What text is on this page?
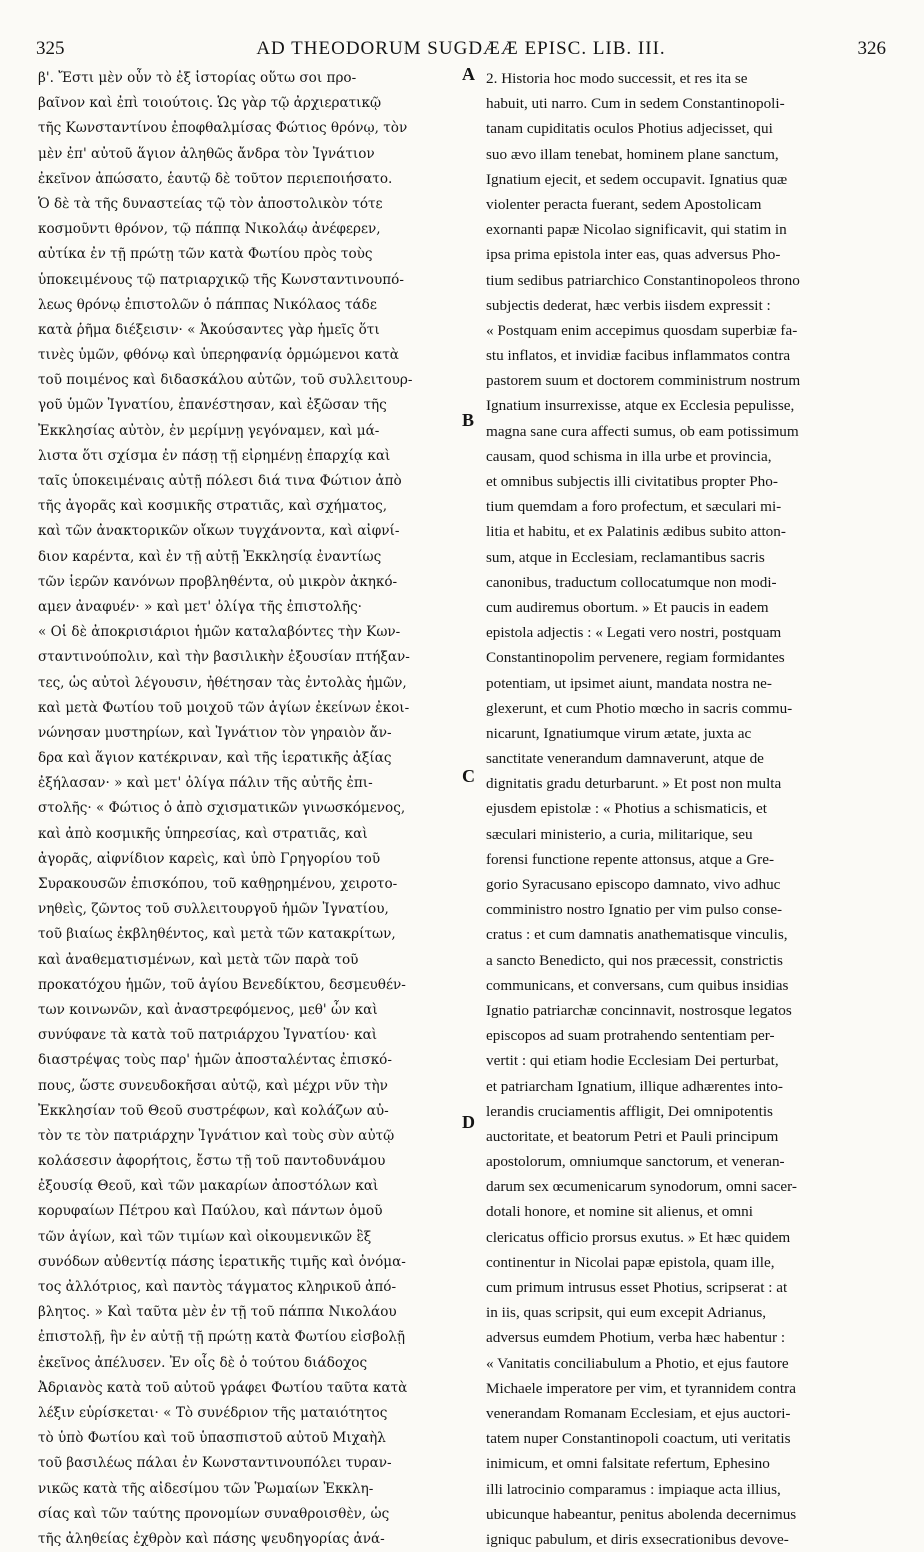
325	AD THEODORUM SUGDÆÆ EPISC. LIB. III.	326
β'. Ἔστι μὲν οὖν τὸ ἐξ ἱστορίας οὕτω σοι προ-
βαῖνον καὶ ἐπὶ τοιούτοις. Ὡς γὰρ τῷ ἀρχιερατικῷ
τῆς Κωνσταντίνου ἐποφθαλμίσας Φώτιος θρόνῳ, τὸν
μὲν ἐπ' αὐτοῦ ἅγιον ἀληθῶς ἄνδρα τὸν Ἰγνάτιον
ἐκεῖνον ἀπώσατο, ἑαυτῷ δὲ τοῦτον περιεποιήσατο.
Ὁ δὲ τὰ τῆς δυναστείας τῷ τὸν ἀποστολικὸν τότε
κοσμοῦντι θρόνον, τῷ πάππᾳ Νικολάῳ ἀνέφερεν,
αὐτίκα ἐν τῇ πρώτῃ τῶν κατὰ Φωτίου πρὸς τοὺς
ὑποκειμένους τῷ πατριαρχικῷ τῆς Κωνσταντινουπό-
λεως θρόνῳ ἐπιστολῶν ὁ πάππας Νικόλαος τάδε
κατὰ ῥῆμα διέξεισιν· « Ἀκούσαντες γὰρ ἡμεῖς ὅτι
τινὲς ὑμῶν, φθόνῳ καὶ ὑπερηφανίᾳ ὁρμώμενοι κατὰ
τοῦ ποιμένος καὶ διδασκάλου αὐτῶν, τοῦ συλλειτουρ-
γοῦ ὑμῶν Ἰγνατίου, ἐπανέστησαν, καὶ ἐξῶσαν τῆς
Ἐκκλησίας αὐτὸν, ἐν μερίμνῃ γεγόναμεν, καὶ μά-
λιστα ὅτι σχίσμα ἐν πάσῃ τῇ εἰρημένῃ ἐπαρχίᾳ καὶ
ταῖς ὑποκειμέναις αὐτῇ πόλεσι διά τινα Φώτιον ἀπὸ
τῆς ἀγορᾶς καὶ κοσμικῆς στρατιᾶς, καὶ σχήματος,
καὶ τῶν ἀνακτορικῶν οἴκων τυγχάνοντα, καὶ αἰφνί-
διον καρέντα, καὶ ἐν τῇ αὐτῇ Ἐκκλησίᾳ ἐναντίως
τῶν ἱερῶν κανόνων προβληθέντα, οὐ μικρὸν ἀκηκό-
αμεν ἀναφυέν· » καὶ μετ' ὀλίγα τῆς ἐπιστολῆς·
« Οἱ δὲ ἀποκρισιάριοι ἡμῶν καταλαβόντες τὴν Κων-
σταντινούπολιν, καὶ τὴν βασιλικὴν ἐξουσίαν πτήξαν-
τες, ὡς αὐτοὶ λέγουσιν, ἠθέτησαν τὰς ἐντολὰς ἡμῶν,
καὶ μετὰ Φωτίου τοῦ μοιχοῦ τῶν ἁγίων ἐκείνων ἐκοι-
νώνησαν μυστηρίων, καὶ Ἰγνάτιον τὸν γηραιὸν ἄν-
δρα καὶ ἅγιον κατέκριναν, καὶ τῆς ἱερατικῆς ἀξίας
ἐξήλασαν· » καὶ μετ' ὀλίγα πάλιν τῆς αὐτῆς ἐπι-
στολῆς· « Φώτιος ὁ ἀπὸ σχισματικῶν γινωσκόμενος,
καὶ ἀπὸ κοσμικῆς ὑπηρεσίας, καὶ στρατιᾶς, καὶ
ἀγορᾶς, αἰφνίδιον καρεὶς, καὶ ὑπὸ Γρηγορίου τοῦ
Συρακουσῶν ἐπισκόπου, τοῦ καθῃρημένου, χειροτο-
νηθεὶς, ζῶντος τοῦ συλλειτουργοῦ ἡμῶν Ἰγνατίου,
τοῦ βιαίως ἐκβληθέντος, καὶ μετὰ τῶν κατακρίτων,
καὶ ἀναθεματισμένων, καὶ μετὰ τῶν παρὰ τοῦ
προκατόχου ἡμῶν, τοῦ ἁγίου Βενεδίκτου, δεσμευθέν-
των κοινωνῶν, καὶ ἀναστρεφόμενος, μεθ' ὧν καὶ
συνύφανε τὰ κατὰ τοῦ πατριάρχου Ἰγνατίου· καὶ
διαστρέψας τοὺς παρ' ἡμῶν ἀποσταλέντας ἐπισκό-
πους, ὥστε συνευδοκῆσαι αὐτῷ, καὶ μέχρι νῦν τὴν
Ἐκκλησίαν τοῦ Θεοῦ συστρέφων, καὶ κολάζων αὐ-
τὸν τε τὸν πατριάρχην Ἰγνάτιον καὶ τοὺς σὺν αὐτῷ
κολάσεσιν ἀφορήτοις, ἔστω τῇ τοῦ παντοδυνάμου
ἐξουσίᾳ Θεοῦ, καὶ τῶν μακαρίων ἀποστόλων καὶ
κορυφαίων Πέτρου καὶ Παύλου, καὶ πάντων ὁμοῦ
τῶν ἁγίων, καὶ τῶν τιμίων καὶ οἰκουμενικῶν ἓξ
συνόδων αὐθεντίᾳ πάσης ἱερατικῆς τιμῆς καὶ ὀνόμα-
τος ἀλλότριος, καὶ παντὸς τάγματος κληρικοῦ ἀπό-
βλητος. » Καὶ ταῦτα μὲν ἐν τῇ τοῦ πάππα Νικολάου
ἐπιστολῇ, ἣν ἐν αὐτῇ τῇ πρώτῃ κατὰ Φωτίου εἰσβολῇ
ἐκεῖνος ἀπέλυσεν. Ἐν οἷς δὲ ὁ τούτου διάδοχος
Ἀδριανὸς κατὰ τοῦ αὐτοῦ γράφει Φωτίου ταῦτα κατὰ
λέξιν εὑρίσκεται· « Τὸ συνέδριον τῆς ματαιότητος
τὸ ὑπὸ Φωτίου καὶ τοῦ ὑπασπιστοῦ αὐτοῦ Μιχαὴλ
τοῦ βασιλέως πάλαι ἐν Κωνσταντινουπόλει τυραν-
νικῶς κατὰ τῆς αἰδεσίμου τῶν Ῥωμαίων Ἐκκλη-
σίας καὶ τῶν ταύτης προνομίων συναθροισθὲν, ὡς
τῆς ἀληθείας ἐχθρὸν καὶ πάσης ψευδηγορίας ἀνά-
2. Historia hoc modo successit, et res ita se
habuit, uti narro. Cum in sedem Constantinopoli-
tanam cupiditatis oculos Photius adjecisset, qui
suo ævo illam tenebat, hominem plane sanctum,
Ignatium ejecit, et sedem occupavit. Ignatius quæ
violenter peracta fuerant, sedem Apostolicam
exornanti papæ Nicolao significavit, qui statim in
ipsa prima epistola inter eas, quas adversus Pho-
tium sedibus patriarchico Constantinopoleos throno
subjectis dederat, hæc verbis iisdem expressit :
« Postquam enim accepimus quosdam superbiæ fa-
stu inflatos, et invidiæ facibus inflammatos contra
pastorem suum et doctorem comministrum nostrum
Ignatium insurrexisse, atque ex Ecclesia pepulisse,
magna sane cura affecti sumus, ob eam potissimum
causam, quod schisma in illa urbe et provincia,
et omnibus subjectis illi civitatibus propter Pho-
tium quemdam a foro profectum, et sæculari mi-
litia et habitu, et ex Palatinis ædibus subito atton-
sum, atque in Ecclesiam, reclamantibus sacris
canonibus, traductum collocatumque non modi-
cum audiremus obortum. » Et paucis in eadem
epistola adjectis : « Legati vero nostri, postquam
Constantinopolim pervenere, regiam formidantes
potentiam, ut ipsimet aiunt, mandata nostra ne-
glexerunt, et cum Photio mœcho in sacris commu-
nicarunt, Ignatiumque virum ætate, juxta ac
sanctitate venerandum damnaverunt, atque de
dignitatis gradu deturbarunt. » Et post non multa
ejusdem epistolæ : « Photius a schismaticis, et
sæculari ministerio, a curia, militarique, seu
forensi functione repente attonsus, atque a Gre-
gorio Syracusano episcopo damnato, vivo adhuc
comministro nostro Ignatio per vim pulso conse-
cratus : et cum damnatis anathematisque vinculis,
a sancto Benedicto, qui nos præcessit, constrictis
communicans, et conversans, cum quibus insidias
Ignatio patriarchæ concinnavit, nostrosque legatos
episcopos ad suam protrahendo sententiam per-
vertit : qui etiam hodie Ecclesiam Dei perturbat,
et patriarcham Ignatium, illique adhærentes into-
lerandis cruciamentis affligit, Dei omnipotentis
auctoritate, et beatorum Petri et Pauli principum
apostolorum, omniumque sanctorum, et veneran-
darum sex œcumenicarum synodorum, omni sacer-
dotali honore, et nomine sit alienus, et omni
clericatus officio prorsus exutus. » Et hæc quidem
continentur in Nicolai papæ epistola, quam ille,
cum primum intrusus esset Photius, scripserat : at
in iis, quas scripsit, qui eum excepit Adrianus,
adversus eumdem Photium, verba hæc habentur :
« Vanitatis conciliabulum a Photio, et ejus fautore
Michaele imperatore per vim, et tyrannidem contra
venerandam Romanam Ecclesiam, et ejus auctori-
tatem nuper Constantinopoli coactum, uti veritatis
inimicum, et omni falsitate refertum, Ephesino
illi latrocinio comparamus : impiaque acta illius,
ubicunque habeantur, penitus abolenda decernimus
igniquc pabulum, et diris exsecrationibus devove-
A
B
C
D
